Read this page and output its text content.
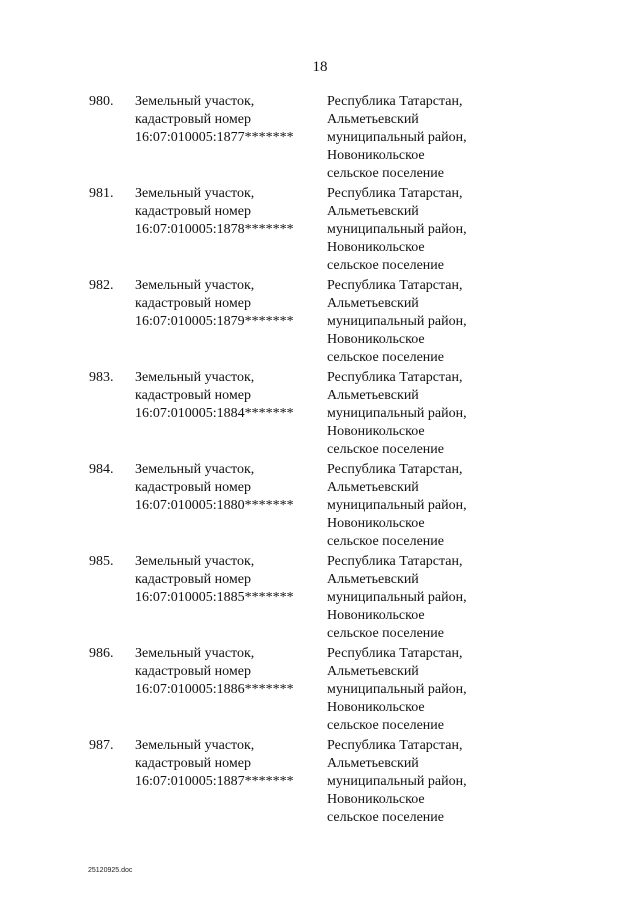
18
980. Земельный участок,
кадастровый номер
16:07:010005:1877*******
Республика Татарстан,
Альметьевский
муниципальный район,
Новоникольское
сельское поселение
981. Земельный участок,
кадастровый номер
16:07:010005:1878*******
Республика Татарстан,
Альметьевский
муниципальный район,
Новоникольское
сельское поселение
982. Земельный участок,
кадастровый номер
16:07:010005:1879*******
Республика Татарстан,
Альметьевский
муниципальный район,
Новоникольское
сельское поселение
983. Земельный участок,
кадастровый номер
16:07:010005:1884*******
Республика Татарстан,
Альметьевский
муниципальный район,
Новоникольское
сельское поселение
984. Земельный участок,
кадастровый номер
16:07:010005:1880*******
Республика Татарстан,
Альметьевский
муниципальный район,
Новоникольское
сельское поселение
985. Земельный участок,
кадастровый номер
16:07:010005:1885*******
Республика Татарстан,
Альметьевский
муниципальный район,
Новоникольское
сельское поселение
986. Земельный участок,
кадастровый номер
16:07:010005:1886*******
Республика Татарстан,
Альметьевский
муниципальный район,
Новоникольское
сельское поселение
987. Земельный участок,
кадастровый номер
16:07:010005:1887*******
Республика Татарстан,
Альметьевский
муниципальный район,
Новоникольское
сельское поселение
25120925.doc
